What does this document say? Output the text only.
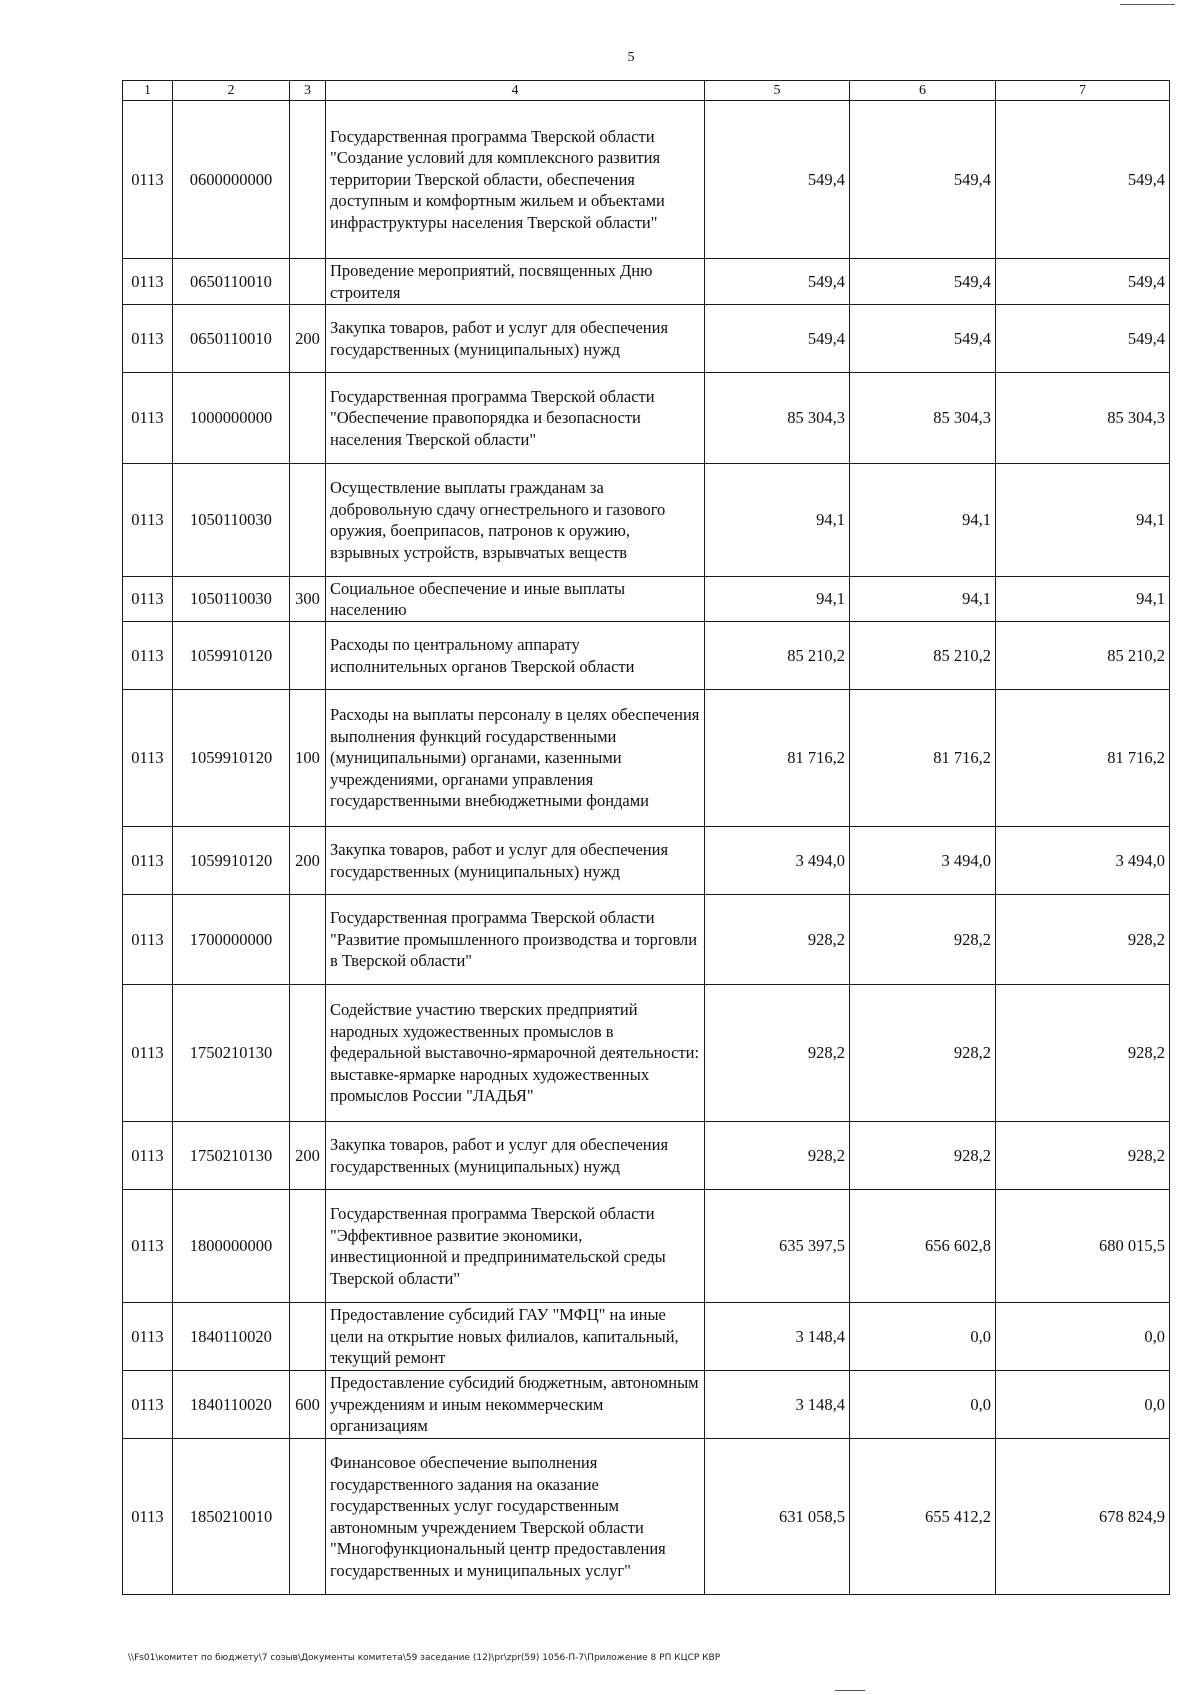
5
1	2	3	4	5	6	7
0113	0600000000		Государственная программа Тверской области "Создание условий для комплексного развития территории Тверской области, обеспечения доступным и комфортным жильем и объектами инфраструктуры населения Тверской области"	549,4	549,4	549,4
0113	0650110010		Проведение мероприятий, посвященных Дню строителя	549,4	549,4	549,4
0113	0650110010	200	Закупка товаров, работ и услуг для обеспечения государственных (муниципальных) нужд	549,4	549,4	549,4
0113	1000000000		Государственная программа Тверской области "Обеспечение правопорядка и безопасности населения Тверской области"	85 304,3	85 304,3	85 304,3
0113	1050110030		Осуществление выплаты гражданам за добровольную сдачу огнестрельного и газового оружия, боеприпасов, патронов к оружию, взрывных устройств, взрывчатых веществ	94,1	94,1	94,1
0113	1050110030	300	Социальное обеспечение и иные выплаты населению	94,1	94,1	94,1
0113	1059910120		Расходы по центральному аппарату исполнительных органов Тверской области	85 210,2	85 210,2	85 210,2
0113	1059910120	100	Расходы на выплаты персоналу в целях обеспечения выполнения функций государственными (муниципальными) органами, казенными учреждениями, органами управления государственными внебюджетными фондами	81 716,2	81 716,2	81 716,2
0113	1059910120	200	Закупка товаров, работ и услуг для обеспечения государственных (муниципальных) нужд	3 494,0	3 494,0	3 494,0
0113	1700000000		Государственная программа Тверской области "Развитие промышленного производства и торговли в Тверской области"	928,2	928,2	928,2
0113	1750210130		Содействие участию тверских предприятий народных художественных промыслов в федеральной выставочно-ярмарочной деятельности: выставке-ярмарке народных художественных промыслов России "ЛАДЬЯ"	928,2	928,2	928,2
0113	1750210130	200	Закупка товаров, работ и услуг для обеспечения государственных (муниципальных) нужд	928,2	928,2	928,2
0113	1800000000		Государственная программа Тверской области "Эффективное развитие экономики, инвестиционной и предпринимательской среды Тверской области"	635 397,5	656 602,8	680 015,5
0113	1840110020		Предоставление субсидий ГАУ "МФЦ" на иные цели на открытие новых филиалов, капитальный, текущий ремонт	3 148,4	0,0	0,0
0113	1840110020	600	Предоставление субсидий бюджетным, автономным учреждениям и иным некоммерческим организациям	3 148,4	0,0	0,0
0113	1850210010		Финансовое обеспечение выполнения государственного задания на оказание государственных услуг государственным автономным учреждением Тверской области "Многофункциональный центр предоставления государственных и муниципальных услуг"	631 058,5	655 412,2	678 824,9
\\Fs01\комитет по бюджету\7 созыв\Документы комитета\59 заседание (12)\pr\zpr(59) 1056-П-7\Приложение 8 РП КЦСР КВР
